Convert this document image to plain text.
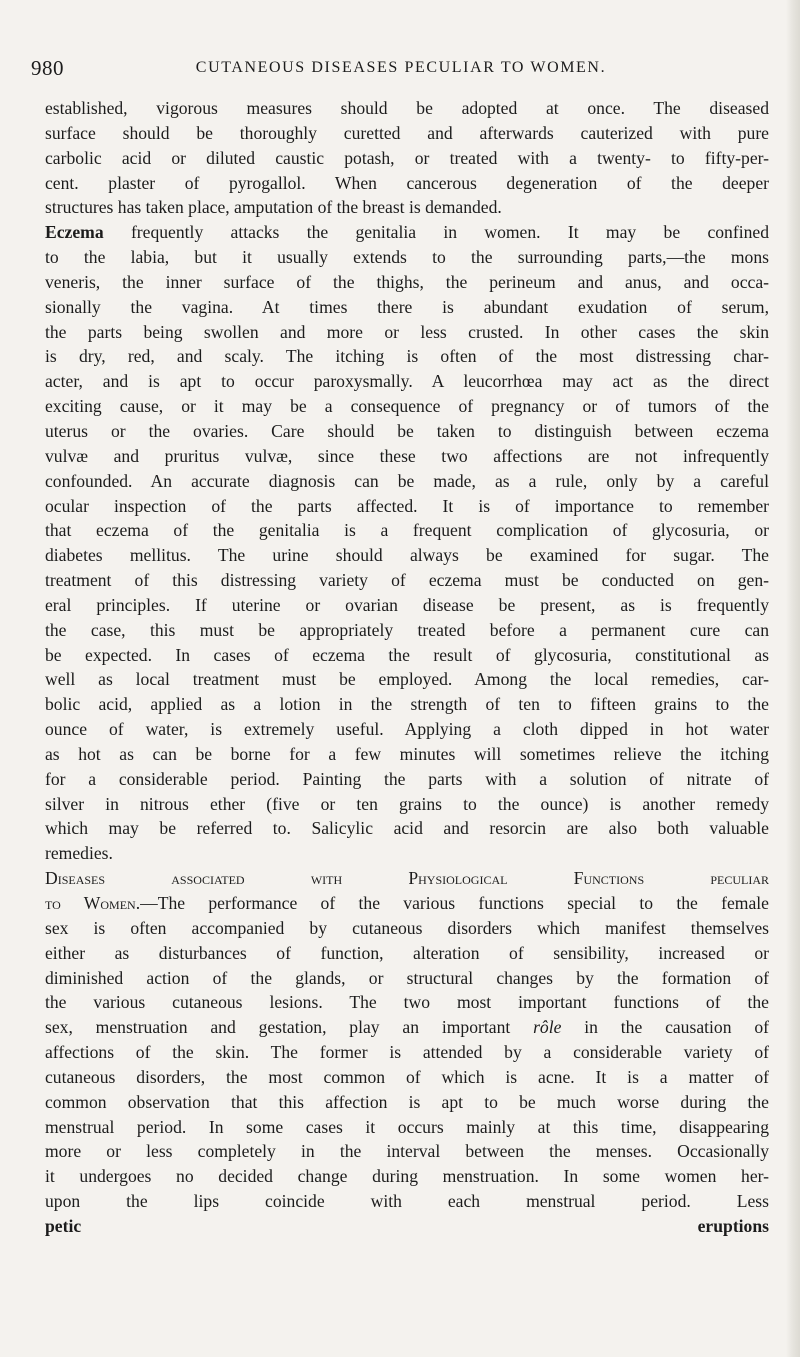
980	CUTANEOUS DISEASES PECULIAR TO WOMEN.
established, vigorous measures should be adopted at once. The diseased
surface should be thoroughly curetted and afterwards cauterized with pure
carbolic acid or diluted caustic potash, or treated with a twenty- to fifty-per-
cent. plaster of pyrogallol. When cancerous degeneration of the deeper
structures has taken place, amputation of the breast is demanded.
Eczema frequently attacks the genitalia in women. It may be confined
to the labia, but it usually extends to the surrounding parts,—the mons
veneris, the inner surface of the thighs, the perineum and anus, and occa-
sionally the vagina. At times there is abundant exudation of serum,
the parts being swollen and more or less crusted. In other cases the skin
is dry, red, and scaly. The itching is often of the most distressing char-
acter, and is apt to occur paroxysmally. A leucorrhœa may act as the direct
exciting cause, or it may be a consequence of pregnancy or of tumors of the
uterus or the ovaries. Care should be taken to distinguish between eczema
vulvæ and pruritus vulvæ, since these two affections are not infrequently
confounded. An accurate diagnosis can be made, as a rule, only by a careful
ocular inspection of the parts affected. It is of importance to remember
that eczema of the genitalia is a frequent complication of glycosuria, or
diabetes mellitus. The urine should always be examined for sugar. The
treatment of this distressing variety of eczema must be conducted on gen-
eral principles. If uterine or ovarian disease be present, as is frequently
the case, this must be appropriately treated before a permanent cure can
be expected. In cases of eczema the result of glycosuria, constitutional as
well as local treatment must be employed. Among the local remedies, car-
bolic acid, applied as a lotion in the strength of ten to fifteen grains to the
ounce of water, is extremely useful. Applying a cloth dipped in hot water
as hot as can be borne for a few minutes will sometimes relieve the itching
for a considerable period. Painting the parts with a solution of nitrate of
silver in nitrous ether (five or ten grains to the ounce) is another remedy
which may be referred to. Salicylic acid and resorcin are also both valuable
remedies.
Diseases associated with Physiological Functions peculiar
to Women.—The performance of the various functions special to the female
sex is often accompanied by cutaneous disorders which manifest themselves
either as disturbances of function, alteration of sensibility, increased or
diminished action of the glands, or structural changes by the formation of
the various cutaneous lesions. The two most important functions of the
sex, menstruation and gestation, play an important rôle in the causation of
affections of the skin. The former is attended by a considerable variety of
cutaneous disorders, the most common of which is acne. It is a matter of
common observation that this affection is apt to be much worse during the
menstrual period. In some cases it occurs mainly at this time, disappearing
more or less completely in the interval between the menses. Occasionally
it undergoes no decided change during menstruation. In some women her-
upon the lips coincide with each menstrual period. Less
petic eruptions
